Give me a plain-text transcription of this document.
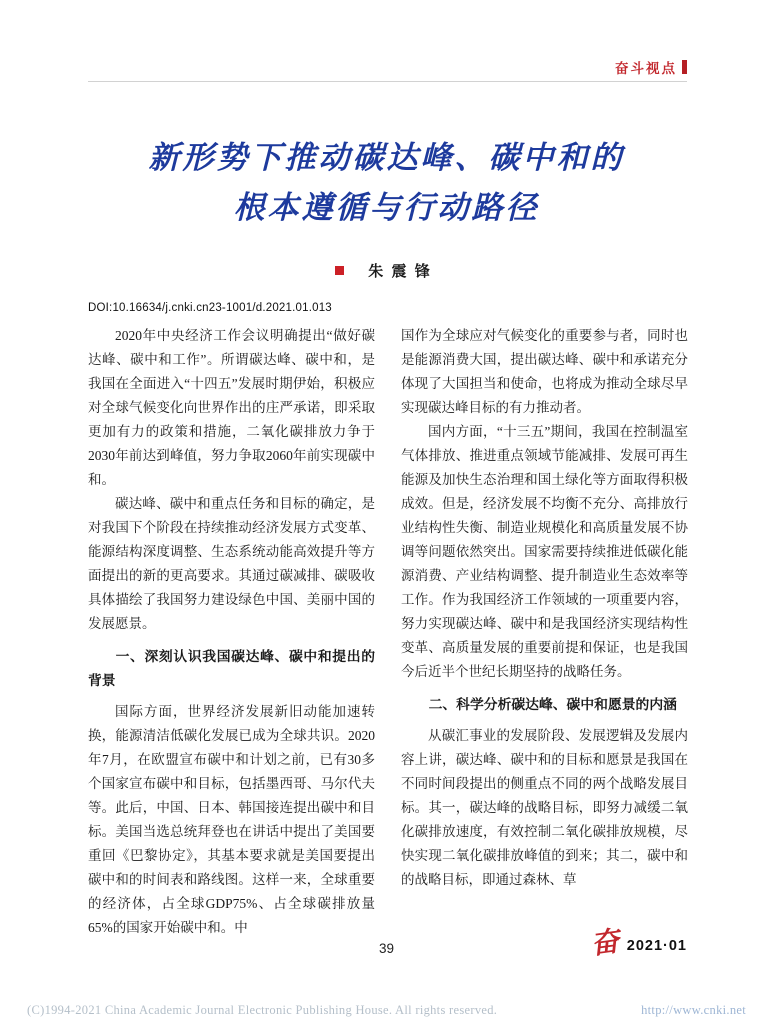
奋斗视点
新形势下推动碳达峰、碳中和的
根本遵循与行动路径
朱震锋
DOI:10.16634/j.cnki.cn23-1001/d.2021.01.013

2020年中央经济工作会议明确提出“做好碳达峰、碳中和工作”。所谓碳达峰、碳中和，是我国在全面进入“十四五”发展时期伊始，积极应对全球气候变化向世界作出的庄严承诺，即采取更加有力的政策和措施，二氧化碳排放力争于2030年前达到峰值，努力争取2060年前实现碳中和。

碳达峰、碳中和重点任务和目标的确定，是对我国下个阶段在持续推动经济发展方式变革、能源结构深度调整、生态系统动能高效提升等方面提出的新的更高要求。其通过碳减排、碳吸收具体描绘了我国努力建设绿色中国、美丽中国的发展愿景。

一、深刻认识我国碳达峰、碳中和提出的背景

国际方面，世界经济发展新旧动能加速转换，能源清洁低碳化发展已成为全球共识。2020年7月，在欧盟宣布碳中和计划之前，已有30多个国家宣布碳中和目标，包括墨西哥、马尔代夫等。此后，中国、日本、韩国接连提出碳中和目标。美国当选总统拜登也在讲话中提出了美国要重回《巴黎协定》，其基本要求就是美国要提出碳中和的时间表和路线图。这样一来，全球重要的经济体，占全球GDP75%、占全球碳排放量65%的国家开始碳中和。中

国作为全球应对气候变化的重要参与者，同时也是能源消费大国，提出碳达峰、碳中和承诺充分体现了大国担当和使命，也将成为推动全球尽早实现碳达峰目标的有力推动者。

国内方面，“十三五”期间，我国在控制温室气体排放、推进重点领域节能减排、发展可再生能源及加快生态治理和国土绿化等方面取得积极成效。但是，经济发展不均衡不充分、高排放行业结构性失衡、制造业规模化和高质量发展不协调等问题依然突出。国家需要持续推进低碳化能源消费、产业结构调整、提升制造业生态效率等工作。作为我国经济工作领域的一项重要内容，努力实现碳达峰、碳中和是我国经济实现结构性变革、高质量发展的重要前提和保证，也是我国今后近半个世纪长期坚持的战略任务。

二、科学分析碳达峰、碳中和愿景的内涵

从碳汇事业的发展阶段、发展逻辑及发展内容上讲，碳达峰、碳中和的目标和愿景是我国在不同时间段提出的侧重点不同的两个战略发展目标。其一，碳达峰的战略目标，即努力减缓二氧化碳排放速度，有效控制二氧化碳排放规模，尽快实现二氧化碳排放峰值的到来；其二，碳中和的战略目标，即通过森林、草

39	奋 2021·01
(C)1994-2021 China Academic Journal Electronic Publishing House. All rights reserved.	http://www.cnki.net
